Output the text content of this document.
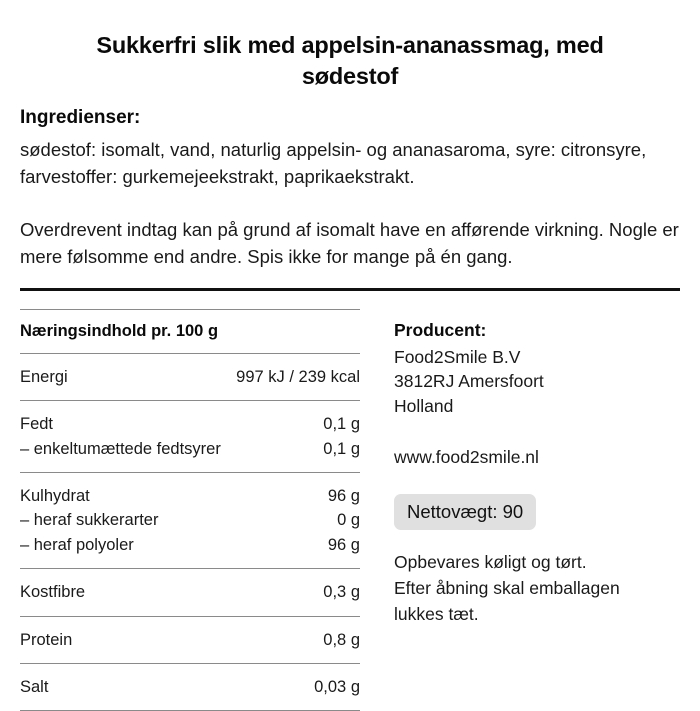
Sukkerfri slik med appelsin-ananassmag, med sødestof
Ingredienser:

sødestof: isomalt, vand, naturlig appelsin- og ananasaroma, syre: citronsyre, farvestoffer: gurkemejeekstrakt, paprikaekstrakt.

Overdrevent indtag kan på grund af isomalt have en afførende virkning. Nogle er mere følsomme end andre. Spis ikke for mange på én gang.

Næringsindhold pr. 100 g

Energi	997 kJ / 239 kcal

Fedt	0,1 g
– enkeltumættede fedtsyrer	0,1 g

Kulhydrat	96 g
– heraf sukkerarter	0 g
– heraf polyoler	96 g

Kostfibre	0,3 g

Protein	0,8 g

Salt	0,03 g
Producent:
Food2Smile B.V
3812RJ Amersfoort
Holland
www.food2smile.nl
Nettovægt: 90

Opbevares køligt og tørt. Efter åbning skal emballagen lukkes tæt.
